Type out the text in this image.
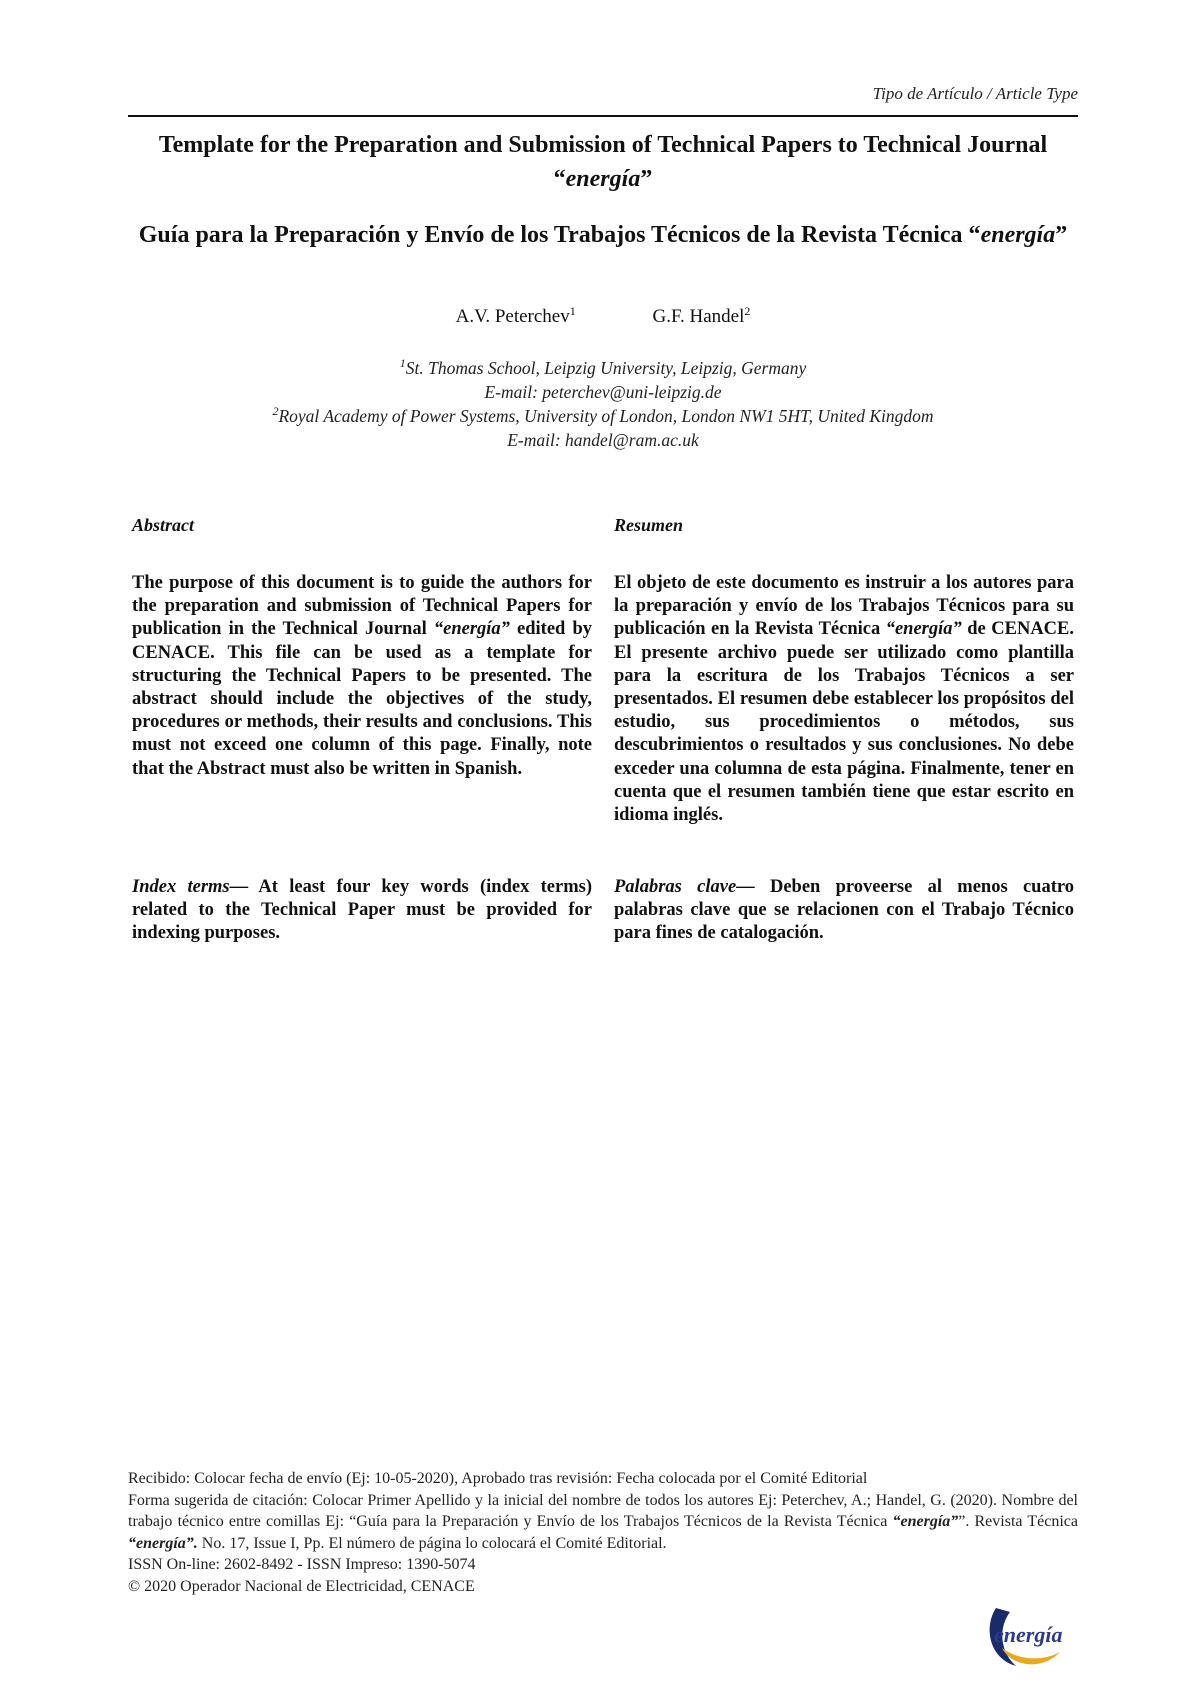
Tipo de Artículo / Article Type
Template for the Preparation and Submission of Technical Papers to Technical Journal “energía”
Guía para la Preparación y Envío de los Trabajos Técnicos de la Revista Técnica “energía”
A.V. Peterchev$^1$	G.F. Handel$^2$
$^1$St. Thomas School, Leipzig University, Leipzig, Germany
E-mail: peterchev@uni-leipzig.de
$^2$Royal Academy of Power Systems, University of London, London NW1 5HT, United Kingdom
E-mail: handel@ram.ac.uk
Abstract	Resumen
The purpose of this document is to guide the authors for the preparation and submission of Technical Papers for publication in the Technical Journal “energía” edited by CENACE. This file can be used as a template for structuring the Technical Papers to be presented. The abstract should include the objectives of the study, procedures or methods, their results and conclusions. This must not exceed one column of this page. Finally, note that the Abstract must also be written in Spanish.
El objeto de este documento es instruir a los autores para la preparación y envío de los Trabajos Técnicos para su publicación en la Revista Técnica “energía” de CENACE. El presente archivo puede ser utilizado como plantilla para la escritura de los Trabajos Técnicos a ser presentados. El resumen debe establecer los propósitos del estudio, sus procedimientos o métodos, sus descubrimientos o resultados y sus conclusiones. No debe exceder una columna de esta página. Finalmente, tener en cuenta que el resumen también tiene que estar escrito en idioma inglés.
Index terms— At least four key words (index terms) related to the Technical Paper must be provided for indexing purposes.
Palabras clave— Deben proveerse al menos cuatro palabras clave que se relacionen con el Trabajo Técnico para fines de catalogación.

Recibido: Colocar fecha de envío (Ej: 10-05-2020), Aprobado tras revisión: Fecha colocada por el Comité Editorial

Forma sugerida de citación: Colocar Primer Apellido y la inicial del nombre de todos los autores Ej: Peterchev, A.; Handel, G. (2020). Nombre del trabajo técnico entre comillas Ej: “Guía para la Preparación y Envío de los Trabajos Técnicos de la Revista Técnica “energía””. Revista Técnica “energía”. No. 17, Issue I, Pp. El número de página lo colocará el Comité Editorial.

ISSN On-line: 2602-8492 - ISSN Impreso: 1390-5074

© 2020 Operador Nacional de Electricidad, CENACE

energía
